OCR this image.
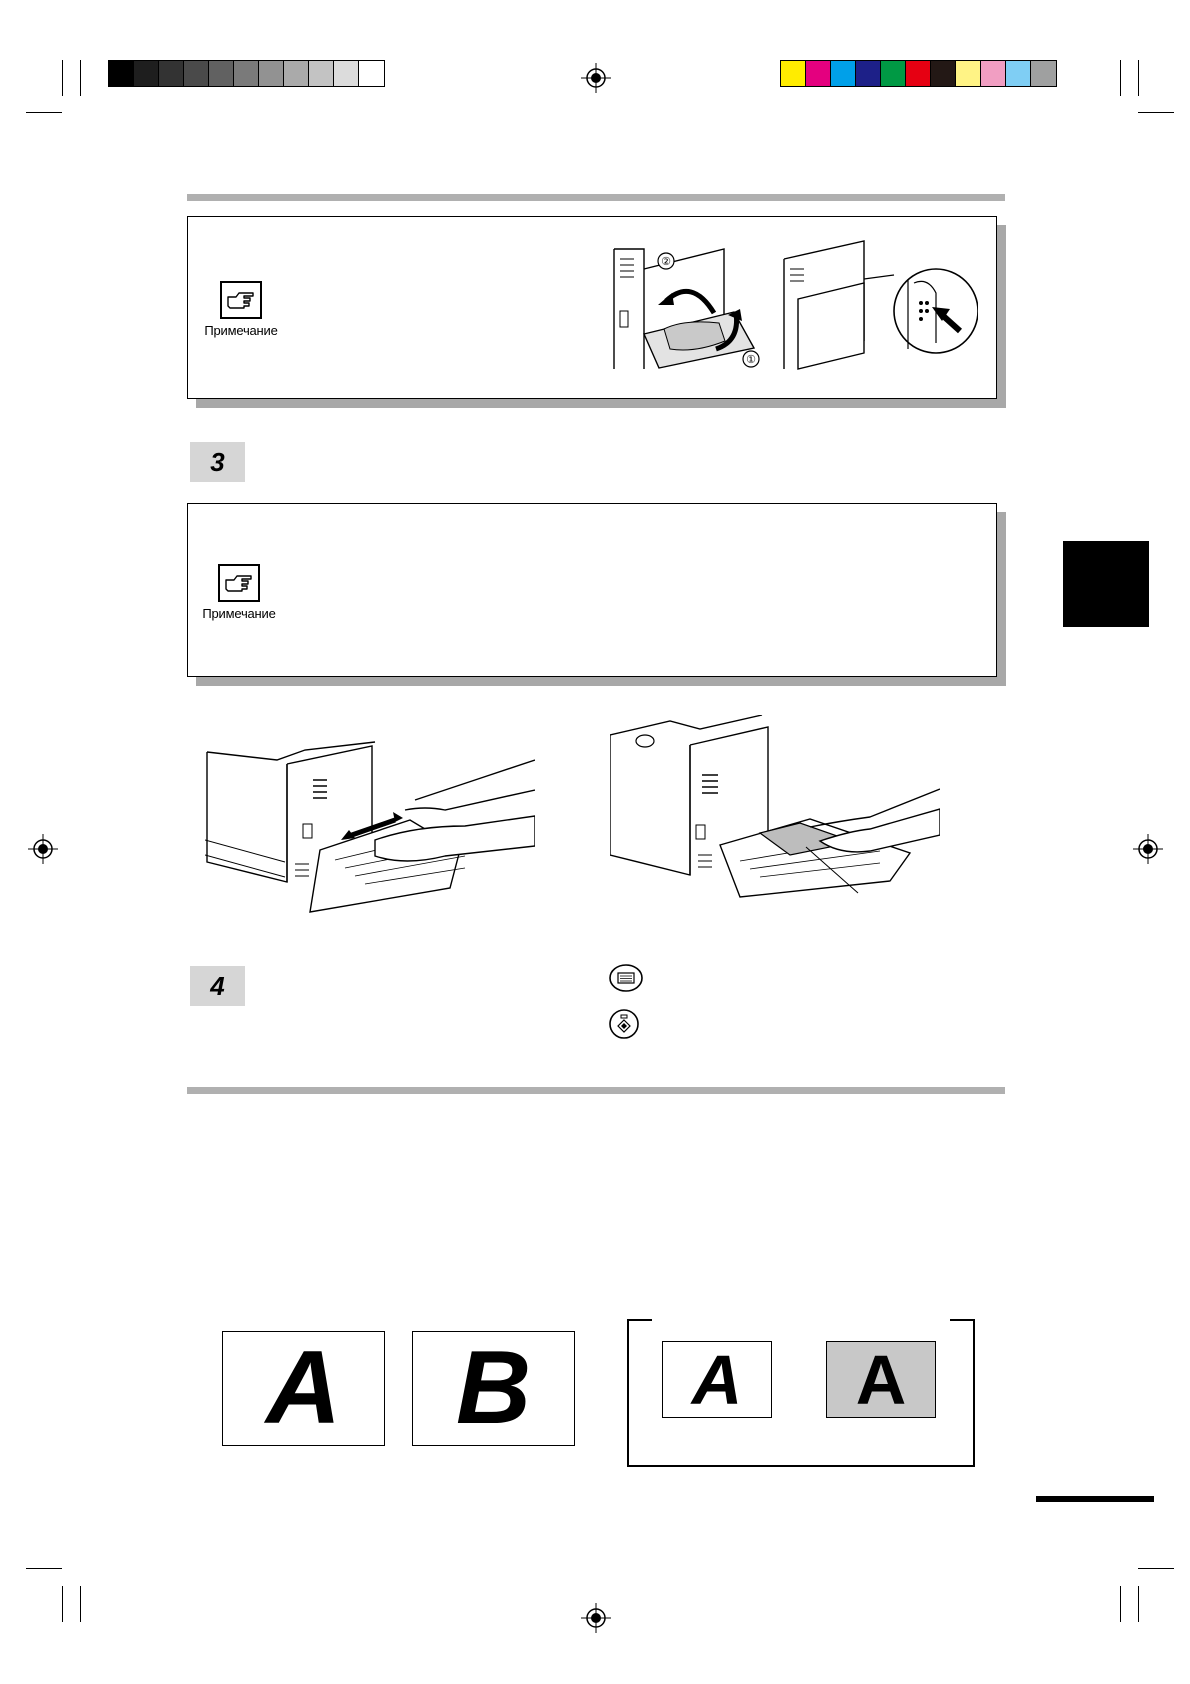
Примечание
②
①
3
Примечание
4
A B A A
